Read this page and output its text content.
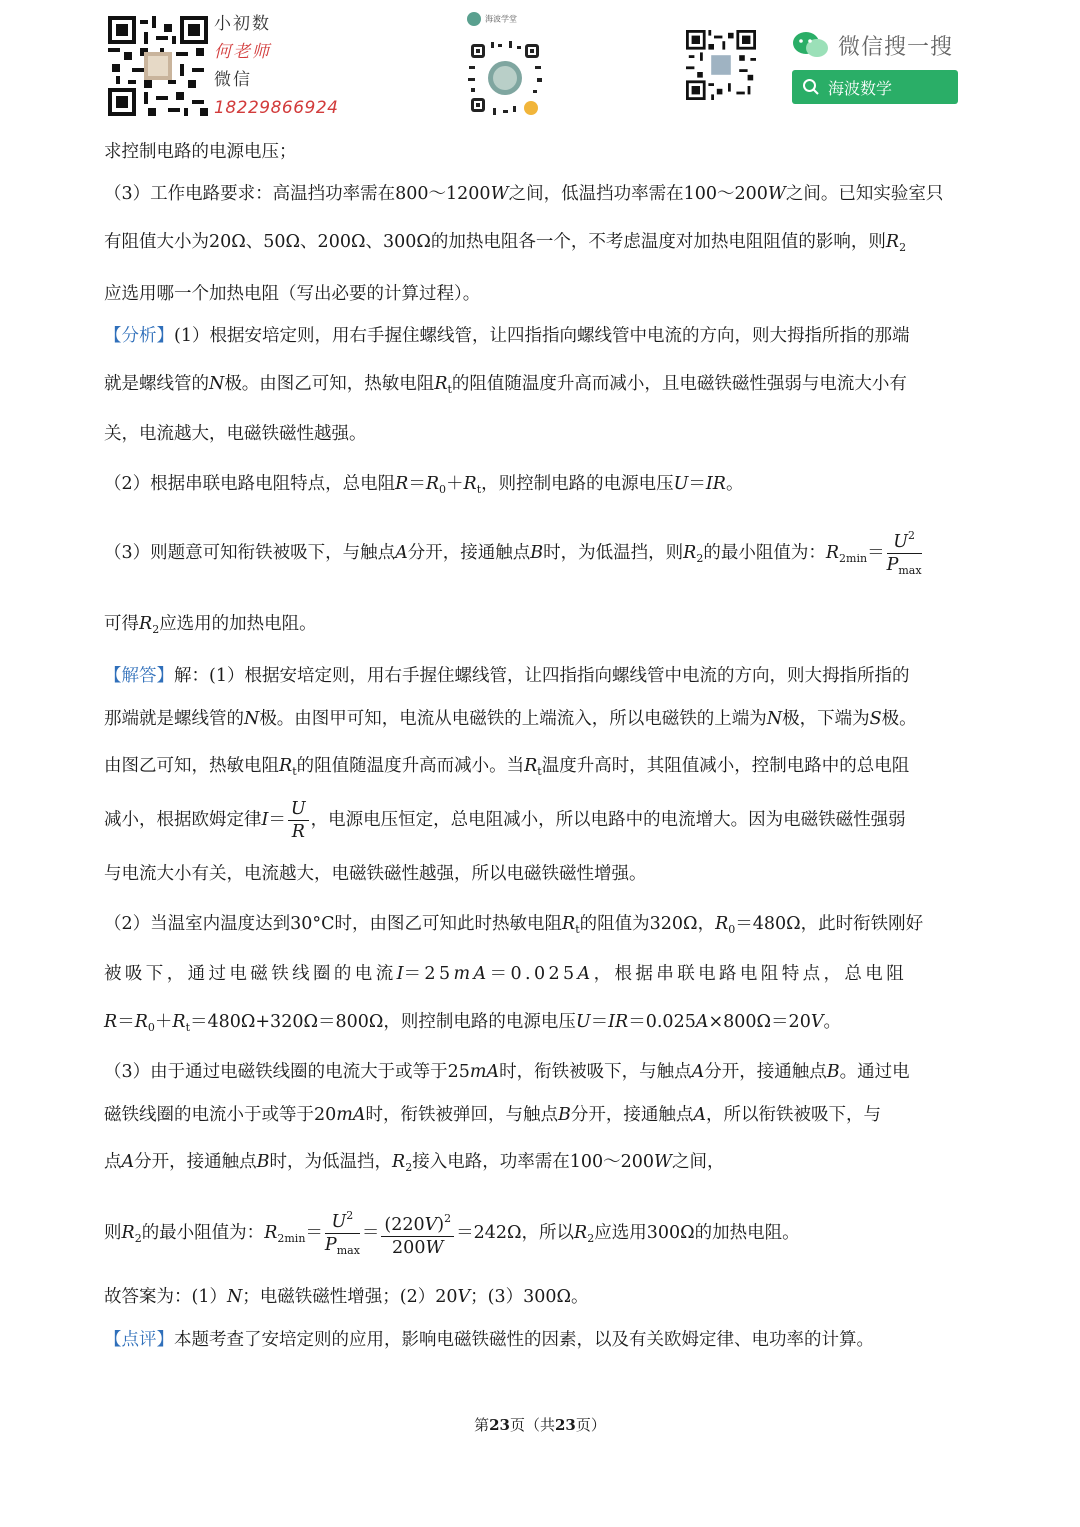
小初数
何老师
微信
18229866924
海波学堂
微信搜一搜
海波数学
求控制电路的电源电压；
（3）工作电路要求：高温挡功率需在800～1200W之间，低温挡功率需在100～200W之间。已知实验室只
有阻值大小为20Ω、50Ω、200Ω、300Ω的加热电阻各一个，不考虑温度对加热电阻阻值的影响，则$R_2$
应选用哪一个加热电阻（写出必要的计算过程）。
【分析】(1）根据安培定则，用右手握住螺线管，让四指指向螺线管中电流的方向，则大拇指所指的那端
就是螺线管的N极。由图乙可知，热敏电阻$R_t$的阻值随温度升高而减小，且电磁铁磁性强弱与电流大小有
关，电流越大，电磁铁磁性越强。
（2）根据串联电路电阻特点，总电阻$R=R_0+R_t$，则控制电路的电源电压U＝IR。
（3）则题意可知衔铁被吸下，与触点A分开，接通触点B时，为低温挡，则$R_2$的最小阻值为：$R_{2min}= \frac{U^2}{P_{max}}$
可得$R_2$应选用的加热电阻。
【解答】解：(1）根据安培定则，用右手握住螺线管，让四指指向螺线管中电流的方向，则大拇指所指的
那端就是螺线管的N极。由图甲可知，电流从电磁铁的上端流入，所以电磁铁的上端为N极，下端为S极。
由图乙可知，热敏电阻$R_t$的阻值随温度升高而减小。当$R_t$温度升高时，其阻值减小，控制电路中的总电阻
减小，根据欧姆定律$I= \frac{U}{R}$ ，电源电压恒定，总电阻减小，所以电路中的电流增大。因为电磁铁磁性强弱
与电流大小有关，电流越大，电磁铁磁性越强，所以电磁铁磁性增强。
（2）当温室内温度达到30°C时，由图乙可知此时热敏电阻$R_t$的阻值为320Ω，$R_0=480\Omega$，此时衔铁刚好
被吸下，通过电磁铁线圈的电流I＝25mA＝0.025A，根据串联电路电阻特点，总电阻
$R=R_0+R_t=480\Omega+320\Omega=800\Omega$，则控制电路的电源电压U＝IR＝0.025A×800Ω＝20V。
（3）由于通过电磁铁线圈的电流大于或等于25mA时，衔铁被吸下，与触点A分开，接通触点B。通过电
磁铁线圈的电流小于或等于20mA时，衔铁被弹回，与触点B分开，接通触点A，所以衔铁被吸下，与
点A分开，接通触点B时，为低温挡，$R_2$接入电路，功率需在100～200W之间，
则$R_2$的最小阻值为：$R_{2min}= \frac{U^2}{P_{max}} = \frac{(220V)^2}{200W} =242\Omega$，所以$R_2$应选用300Ω的加热电阻。
故答案为：(1）N；电磁铁磁性增强；(2）20V；(3）300Ω。
【点评】本题考查了安培定则的应用，影响电磁铁磁性的因素，以及有关欧姆定律、电功率的计算。
第23页（共23页）
